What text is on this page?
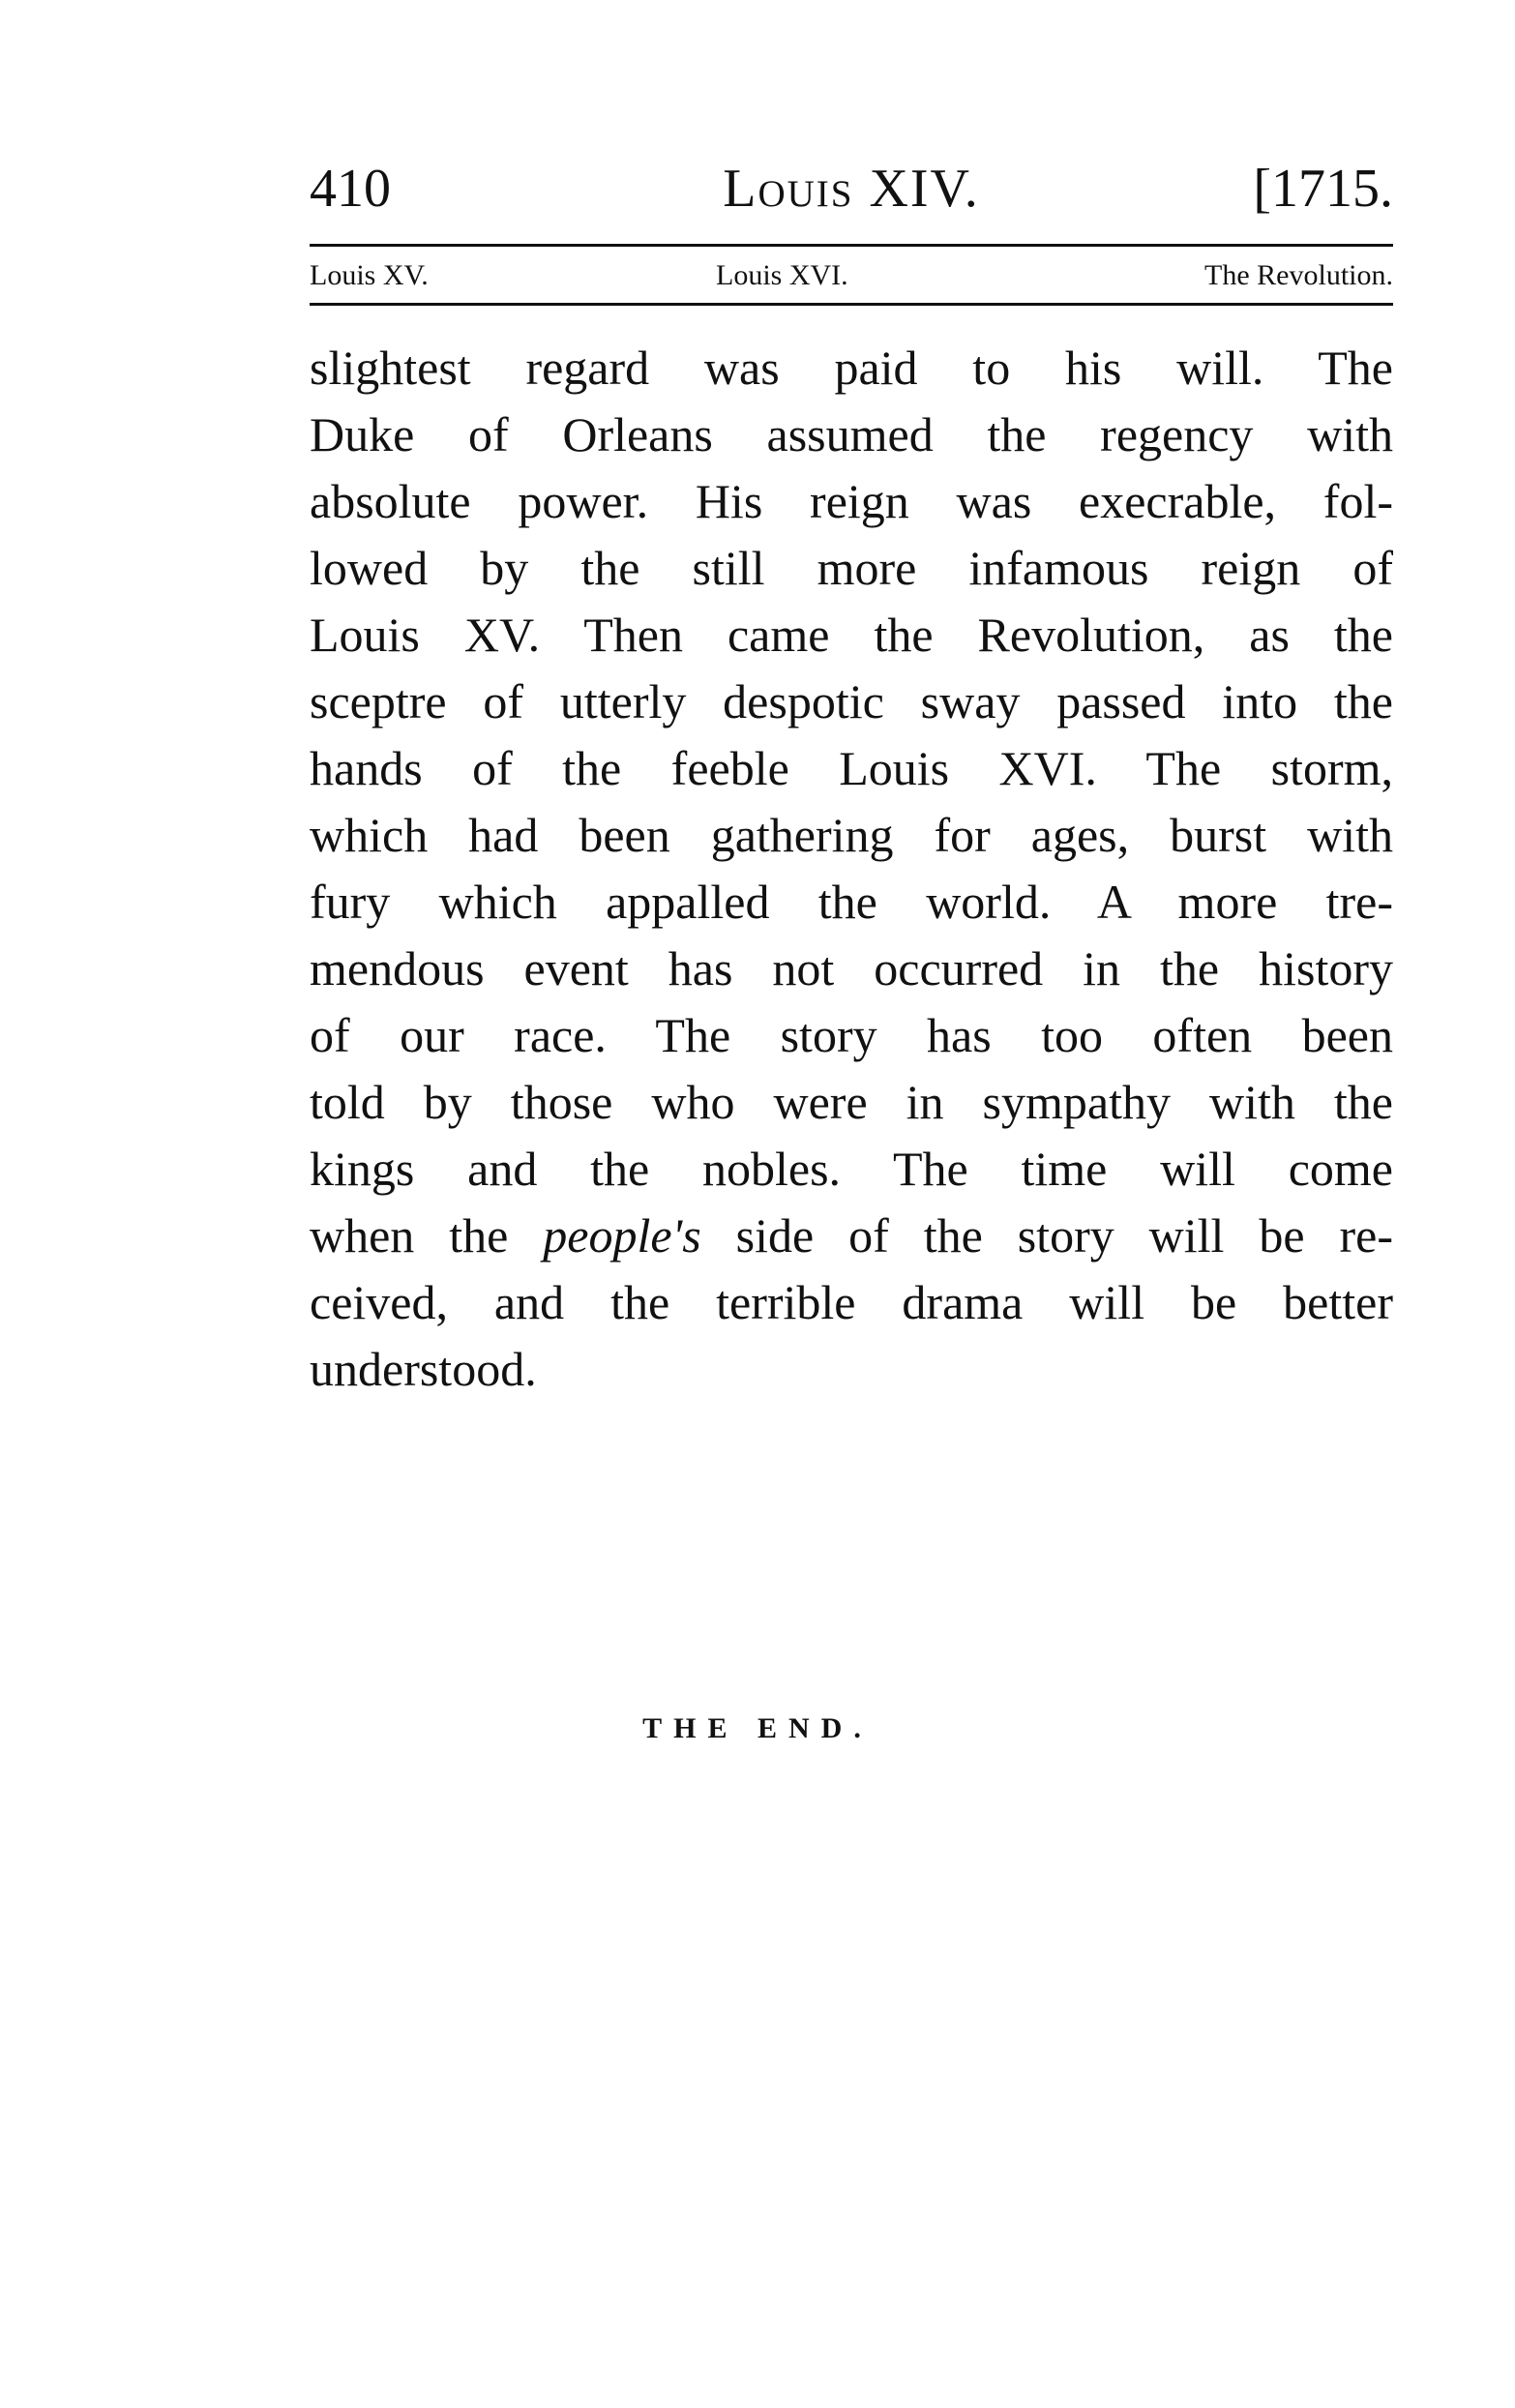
410	Louis XIV.	[1715.
Louis XV.	Louis XVI.	The Revolution.
slightest regard was paid to his will. The
Duke of Orleans assumed the regency with
absolute power. His reign was execrable, fol-
lowed by the still more infamous reign of
Louis XV. Then came the Revolution, as the
sceptre of utterly despotic sway passed into the
hands of the feeble Louis XVI. The storm,
which had been gathering for ages, burst with
fury which appalled the world. A more tre-
mendous event has not occurred in the history
of our race. The story has too often been
told by those who were in sympathy with the
kings and the nobles. The time will come
when the people's side of the story will be re-
ceived, and the terrible drama will be better
understood.
THE END.
